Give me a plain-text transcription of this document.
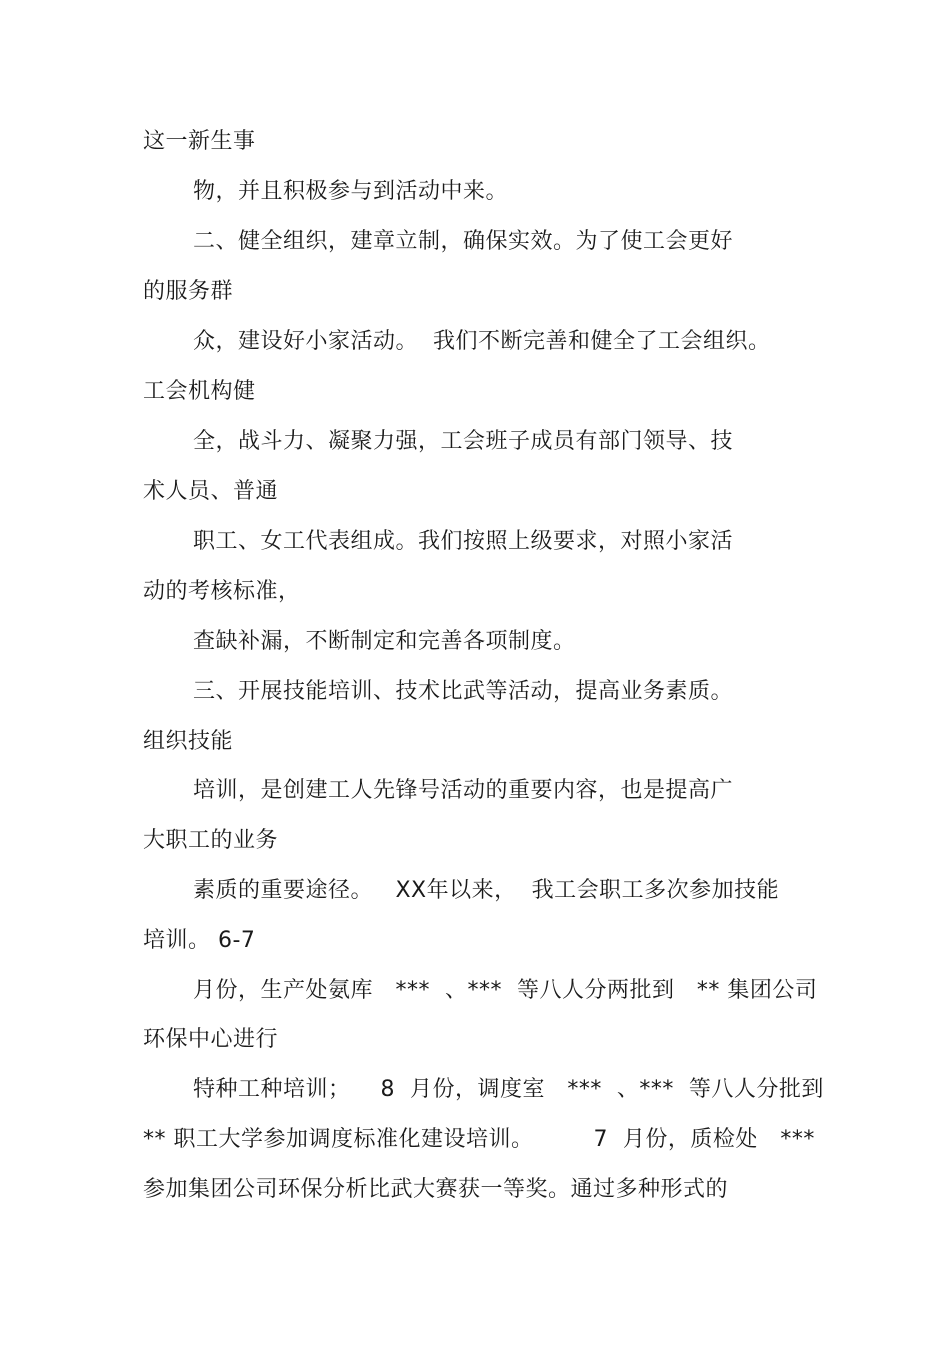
这一新生事
物，并且积极参与到活动中来。
二、健全组织，建章立制，确保实效。为了使工会更好
的服务群
众，建设好小家活动。  我们不断完善和健全了工会组织。
工会机构健
全，战斗力、凝聚力强，工会班子成员有部门领导、技
术人员、普通
职工、女工代表组成。我们按照上级要求，对照小家活
动的考核标准，
查缺补漏，不断制定和完善各项制度。
三、开展技能培训、技术比武等活动，提高业务素质。
组织技能
培训，是创建工人先锋号活动的重要内容，也是提高广
大职工的业务
素质的重要途径。   XX年以来，  我工会职工多次参加技能
培训。 6-7
月份，生产处氨库   ***  、***  等八人分两批到   ** 集团公司
环保中心进行
特种工种培训；    8  月份，调度室   ***  、***  等八人分批到
** 职工大学参加调度标准化建设培训。        7  月份，质检处   ***
参加集团公司环保分析比武大赛获一等奖。通过多种形式的
